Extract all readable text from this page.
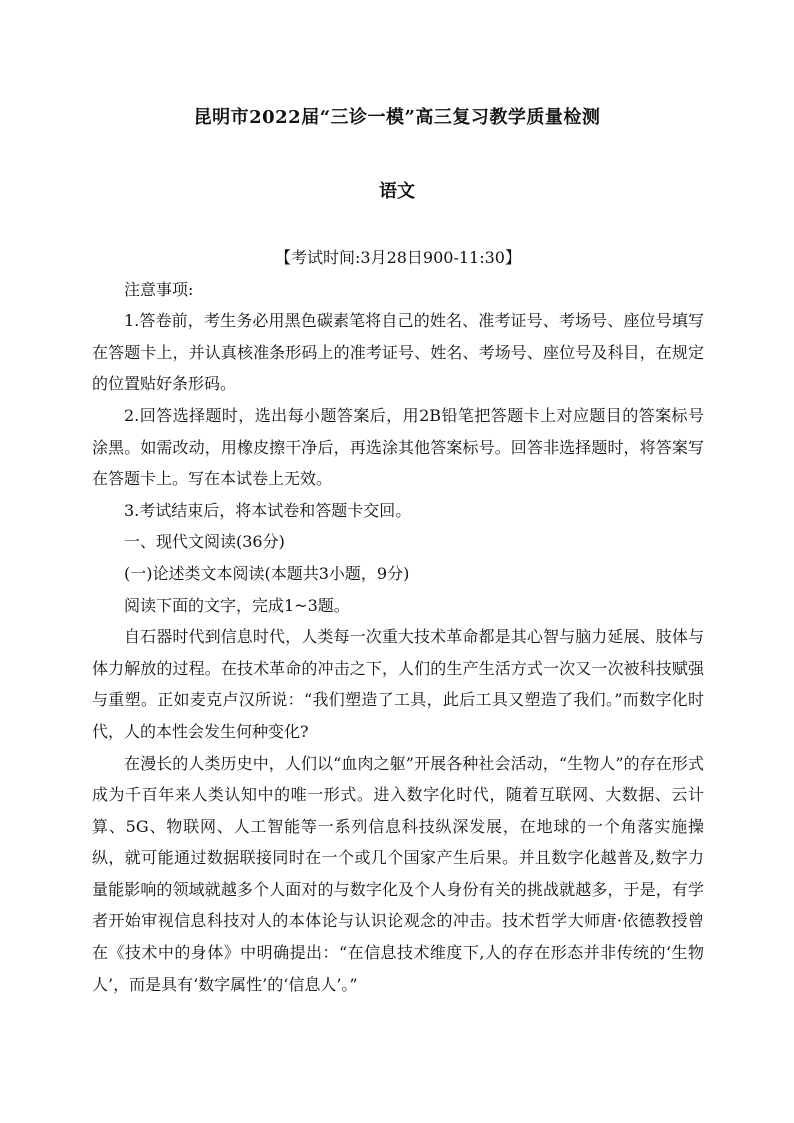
昆明市2022届“三诊一模”高三复习教学质量检测
语文

【考试时间:3月28日900-11:30】

注意事项:

1.答卷前，考生务必用黑色碳素笔将自己的姓名、准考证号、考场号、座位号填写在答题卡上，并认真核准条形码上的准考证号、姓名、考场号、座位号及科目，在规定的位置贴好条形码。

2.回答选择题时，选出每小题答案后，用2B铅笔把答题卡上对应题目的答案标号涂黑。如需改动，用橡皮擦干净后，再选涂其他答案标号。回答非选择题时，将答案写在答题卡上。写在本试卷上无效。

3.考试结束后，将本试卷和答题卡交回。

一、现代文阅读(36分)

(一)论述类文本阅读(本题共3小题，9分)

阅读下面的文字，完成1~3题。

自石器时代到信息时代，人类每一次重大技术革命都是其心智与脑力延展、肢体与体力解放的过程。在技术革命的冲击之下，人们的生产生活方式一次又一次被科技赋强与重塑。正如麦克卢汉所说：“我们塑造了工具，此后工具又塑造了我们。”而数字化时代，人的本性会发生何种变化?

在漫长的人类历史中，人们以“血肉之躯”开展各种社会活动，“生物人”的存在形式成为千百年来人类认知中的唯一形式。进入数字化时代，随着互联网、大数据、云计算、5G、物联网、人工智能等一系列信息科技纵深发展，在地球的一个角落实施操纵，就可能通过数据联接同时在一个或几个国家产生后果。并且数字化越普及,数字力量能影响的领域就越多个人面对的与数字化及个人身份有关的挑战就越多，于是，有学者开始审视信息科技对人的本体论与认识论观念的冲击。技术哲学大师唐·依德教授曾在《技术中的身体》中明确提出：“在信息技术维度下,人的存在形态并非传统的‘生物人’，而是具有‘数字属性’的‘信息人’。”
